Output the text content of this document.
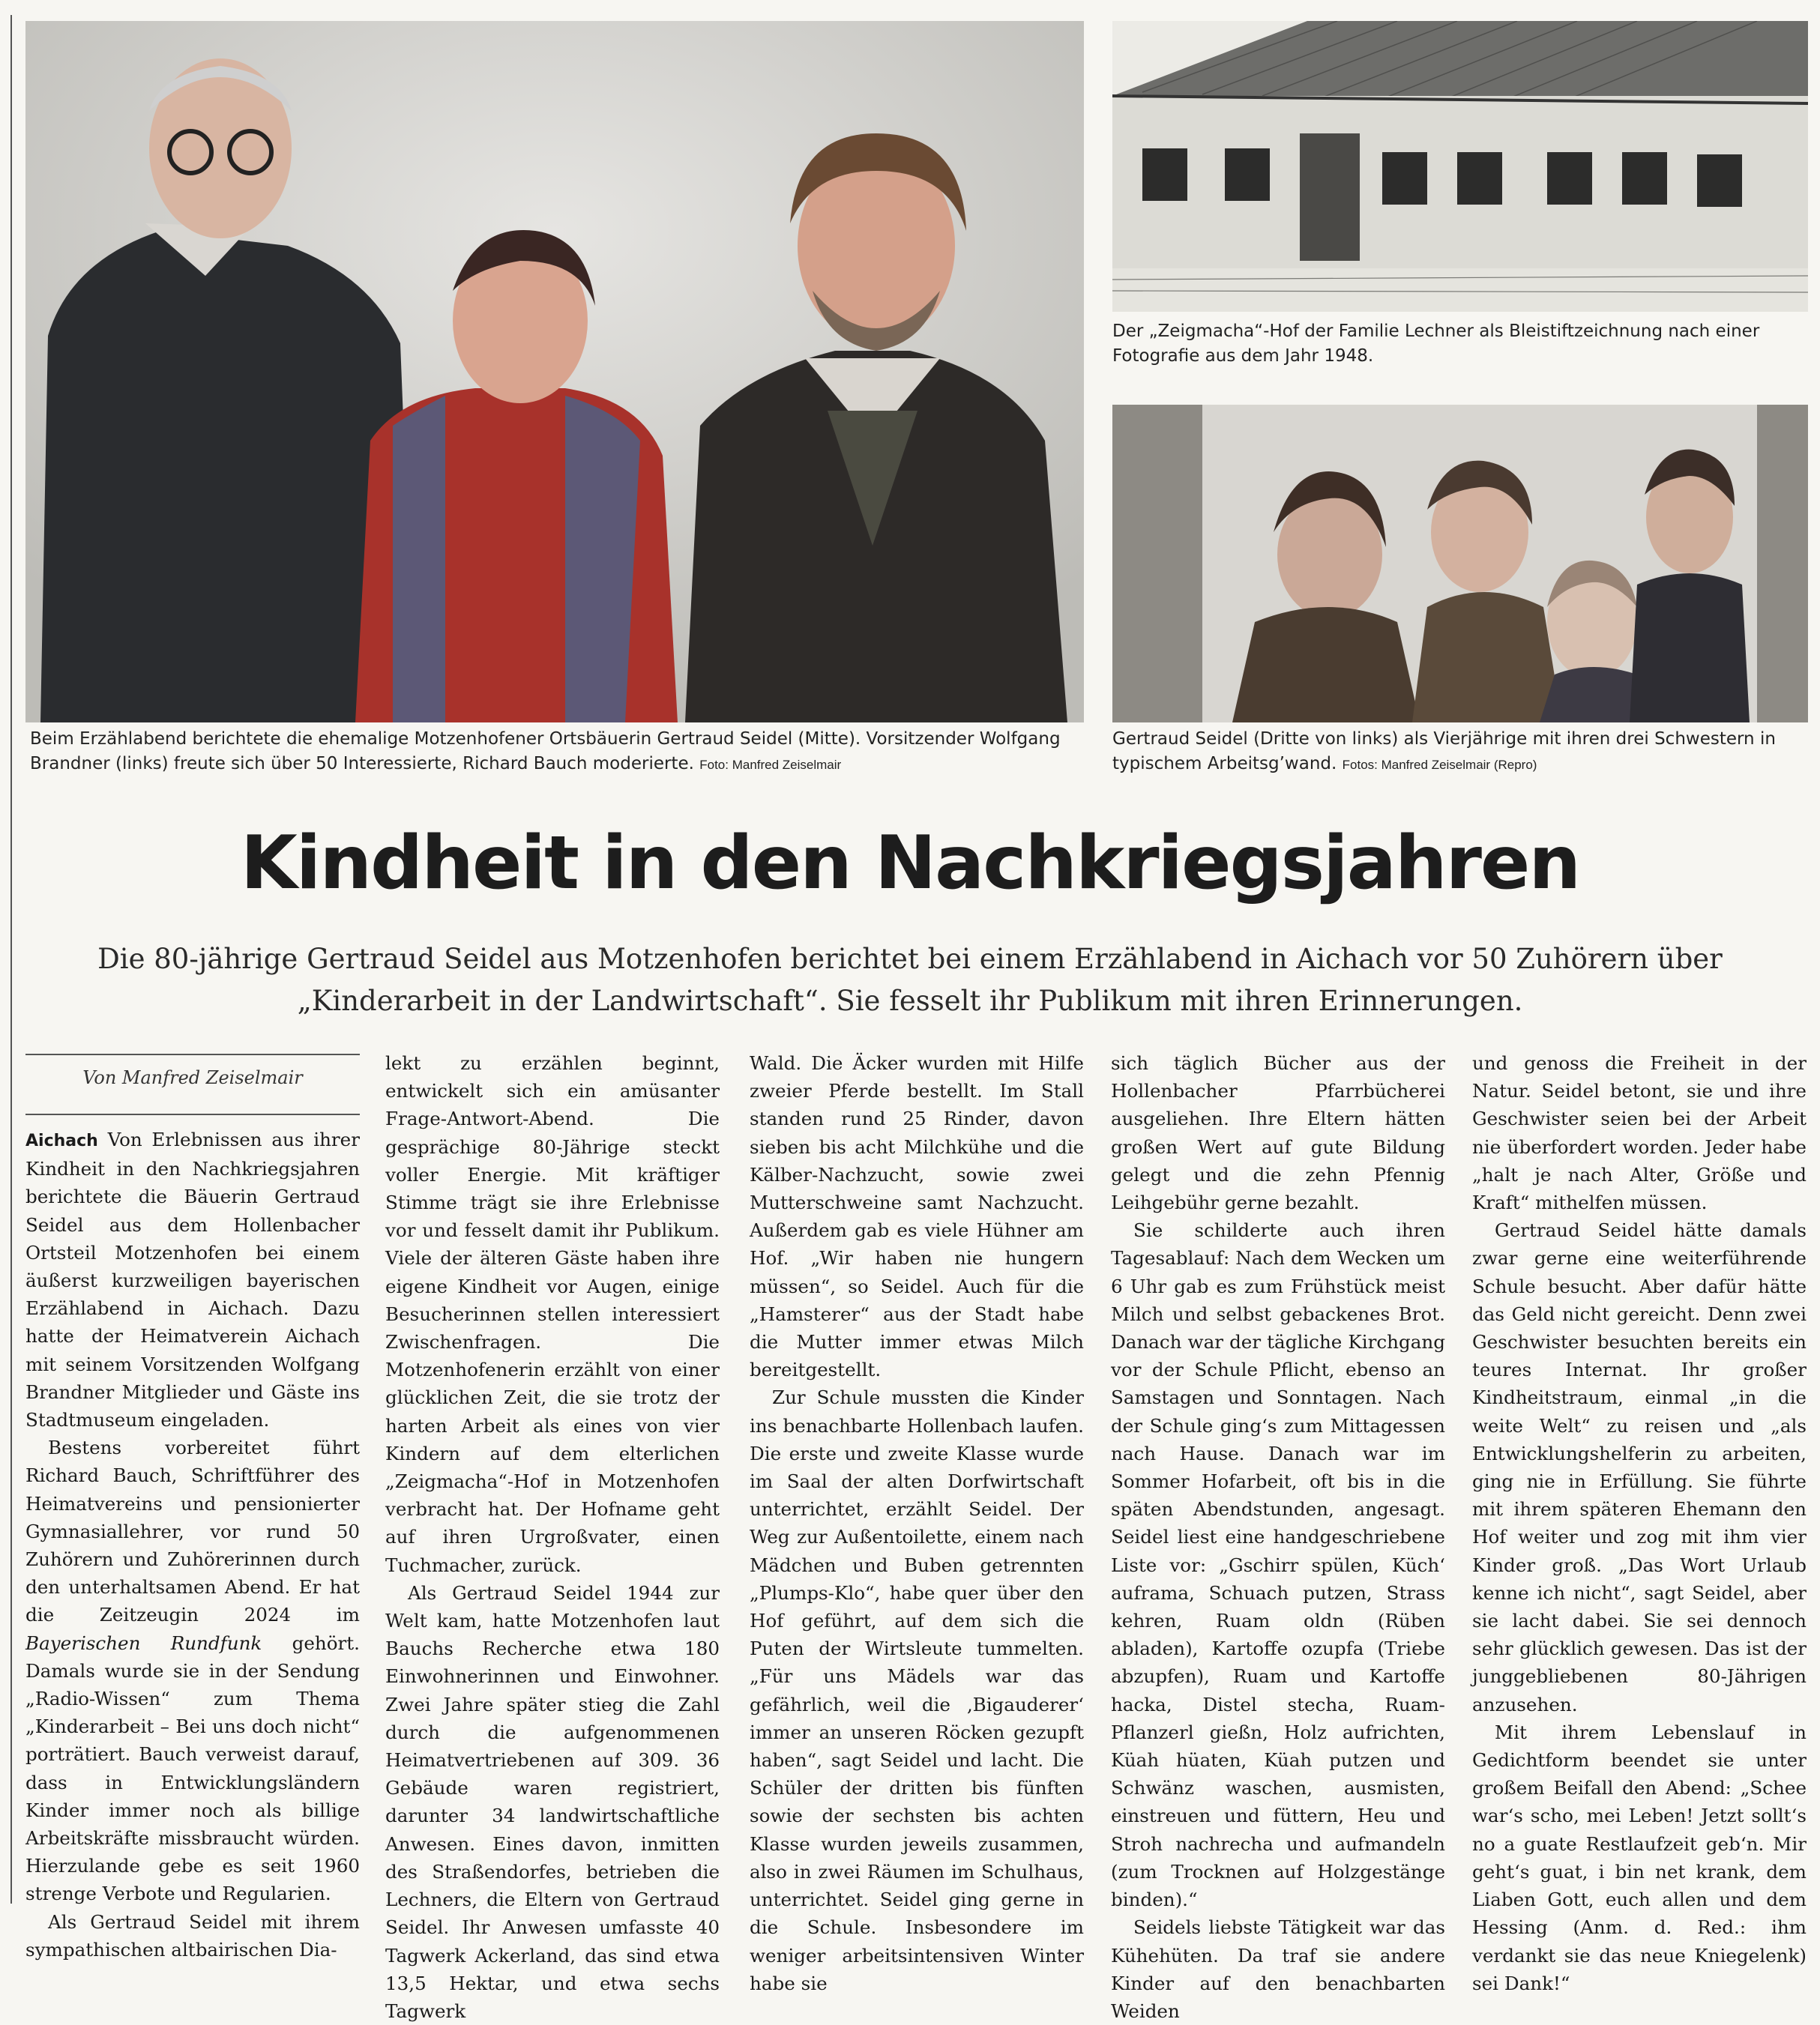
Beim Erzählabend berichtete die ehemalige Motzenhofener Ortsbäuerin Gertraud Seidel (Mitte). Vorsitzender Wolfgang Brandner (links) freute sich über 50 Interessierte, Richard Bauch moderierte. Foto: Manfred Zeiselmair
Der „Zeigmacha“-Hof der Familie Lechner als Bleistiftzeichnung nach einer Fotografie aus dem Jahr 1948.
Gertraud Seidel (Dritte von links) als Vierjährige mit ihren drei Schwestern in typischem Arbeitsg’wand. Fotos: Manfred Zeiselmair (Repro)
Kindheit in den Nachkriegsjahren
Die 80-jährige Gertraud Seidel aus Motzenhofen berichtet bei einem Erzählabend in Aichach vor 50 Zuhörern über „Kinderarbeit in der Landwirtschaft“. Sie fesselt ihr Publikum mit ihren Erinnerungen.
Von Manfred Zeiselmair

Aichach Von Erlebnissen aus ihrer Kindheit in den Nachkriegsjahren berichtete die Bäuerin Gertraud Seidel aus dem Hollenbacher Ortsteil Motzenhofen bei einem äußerst kurzweiligen bayerischen Erzählabend in Aichach. Dazu hatte der Heimatverein Aichach mit seinem Vorsitzenden Wolfgang Brandner Mitglieder und Gäste ins Stadtmuseum eingeladen.

Bestens vorbereitet führt Richard Bauch, Schriftführer des Heimatvereins und pensionierter Gymnasiallehrer, vor rund 50 Zuhörern und Zuhörerinnen durch den unterhaltsamen Abend. Er hat die Zeitzeugin 2024 im Bayerischen Rundfunk gehört. Damals wurde sie in der Sendung „Radio-Wissen“ zum Thema „Kinderarbeit – Bei uns doch nicht“ porträtiert. Bauch verweist darauf, dass in Entwicklungsländern Kinder immer noch als billige Arbeitskräfte missbraucht würden. Hierzulande gebe es seit 1960 strenge Verbote und Regularien.

Als Gertraud Seidel mit ihrem sympathischen altbairischen Dia-

lekt zu erzählen beginnt, entwickelt sich ein amüsanter Frage-Antwort-Abend. Die gesprächige 80-Jährige steckt voller Energie. Mit kräftiger Stimme trägt sie ihre Erlebnisse vor und fesselt damit ihr Publikum. Viele der älteren Gäste haben ihre eigene Kindheit vor Augen, einige Besucherinnen stellen interessiert Zwischenfragen. Die Motzenhofenerin erzählt von einer glücklichen Zeit, die sie trotz der harten Arbeit als eines von vier Kindern auf dem elterlichen „Zeigmacha“-Hof in Motzenhofen verbracht hat. Der Hofname geht auf ihren Urgroßvater, einen Tuchmacher, zurück.

Als Gertraud Seidel 1944 zur Welt kam, hatte Motzenhofen laut Bauchs Recherche etwa 180 Einwohnerinnen und Einwohner. Zwei Jahre später stieg die Zahl durch die aufgenommenen Heimatvertriebenen auf 309. 36 Gebäude waren registriert, darunter 34 landwirtschaftliche Anwesen. Eines davon, inmitten des Straßendorfes, betrieben die Lechners, die Eltern von Gertraud Seidel. Ihr Anwesen umfasste 40 Tagwerk Ackerland, das sind etwa 13,5 Hektar, und etwa sechs Tagwerk

Wald. Die Äcker wurden mit Hilfe zweier Pferde bestellt. Im Stall standen rund 25 Rinder, davon sieben bis acht Milchkühe und die Kälber-Nachzucht, sowie zwei Mutterschweine samt Nachzucht. Außerdem gab es viele Hühner am Hof. „Wir haben nie hungern müssen“, so Seidel. Auch für die „Hamsterer“ aus der Stadt habe die Mutter immer etwas Milch bereitgestellt.

Zur Schule mussten die Kinder ins benachbarte Hollenbach laufen. Die erste und zweite Klasse wurde im Saal der alten Dorfwirtschaft unterrichtet, erzählt Seidel. Der Weg zur Außentoilette, einem nach Mädchen und Buben getrennten „Plumps-Klo“, habe quer über den Hof geführt, auf dem sich die Puten der Wirtsleute tummelten. „Für uns Mädels war das gefährlich, weil die ‚Bigauderer‘ immer an unseren Röcken gezupft haben“, sagt Seidel und lacht. Die Schüler der dritten bis fünften sowie der sechsten bis achten Klasse wurden jeweils zusammen, also in zwei Räumen im Schulhaus, unterrichtet. Seidel ging gerne in die Schule. Insbesondere im weniger arbeitsintensiven Winter habe sie

sich täglich Bücher aus der Hollenbacher Pfarrbücherei ausgeliehen. Ihre Eltern hätten großen Wert auf gute Bildung gelegt und die zehn Pfennig Leihgebühr gerne bezahlt.

Sie schilderte auch ihren Tagesablauf: Nach dem Wecken um 6 Uhr gab es zum Frühstück meist Milch und selbst gebackenes Brot. Danach war der tägliche Kirchgang vor der Schule Pflicht, ebenso an Samstagen und Sonntagen. Nach der Schule ging‘s zum Mittagessen nach Hause. Danach war im Sommer Hofarbeit, oft bis in die späten Abendstunden, angesagt. Seidel liest eine handgeschriebene Liste vor: „Gschirr spülen, Küch‘ auframa, Schuach putzen, Strass kehren, Ruam oldn (Rüben abladen), Kartoffe ozupfa (Triebe abzupfen), Ruam und Kartoffe hacka, Distel stecha, Ruam-Pflanzerl gießn, Holz aufrichten, Küah hüaten, Küah putzen und Schwänz waschen, ausmisten, einstreuen und füttern, Heu und Stroh nachrecha und aufmandeln (zum Trocknen auf Holzgestänge binden).“

Seidels liebste Tätigkeit war das Kühehüten. Da traf sie andere Kinder auf den benachbarten Weiden

und genoss die Freiheit in der Natur. Seidel betont, sie und ihre Geschwister seien bei der Arbeit nie überfordert worden. Jeder habe „halt je nach Alter, Größe und Kraft“ mithelfen müssen.

Gertraud Seidel hätte damals zwar gerne eine weiterführende Schule besucht. Aber dafür hätte das Geld nicht gereicht. Denn zwei Geschwister besuchten bereits ein teures Internat. Ihr großer Kindheitstraum, einmal „in die weite Welt“ zu reisen und „als Entwicklungshelferin zu arbeiten, ging nie in Erfüllung. Sie führte mit ihrem späteren Ehemann den Hof weiter und zog mit ihm vier Kinder groß. „Das Wort Urlaub kenne ich nicht“, sagt Seidel, aber sie lacht dabei. Sie sei dennoch sehr glücklich gewesen. Das ist der junggebliebenen 80-Jährigen anzusehen.

Mit ihrem Lebenslauf in Gedichtform beendet sie unter großem Beifall den Abend: „Schee war‘s scho, mei Leben! Jetzt sollt‘s no a guate Restlaufzeit geb‘n. Mir geht‘s guat, i bin net krank, dem Liaben Gott, euch allen und dem Hessing (Anm. d. Red.: ihm verdankt sie das neue Kniegelenk) sei Dank!“
